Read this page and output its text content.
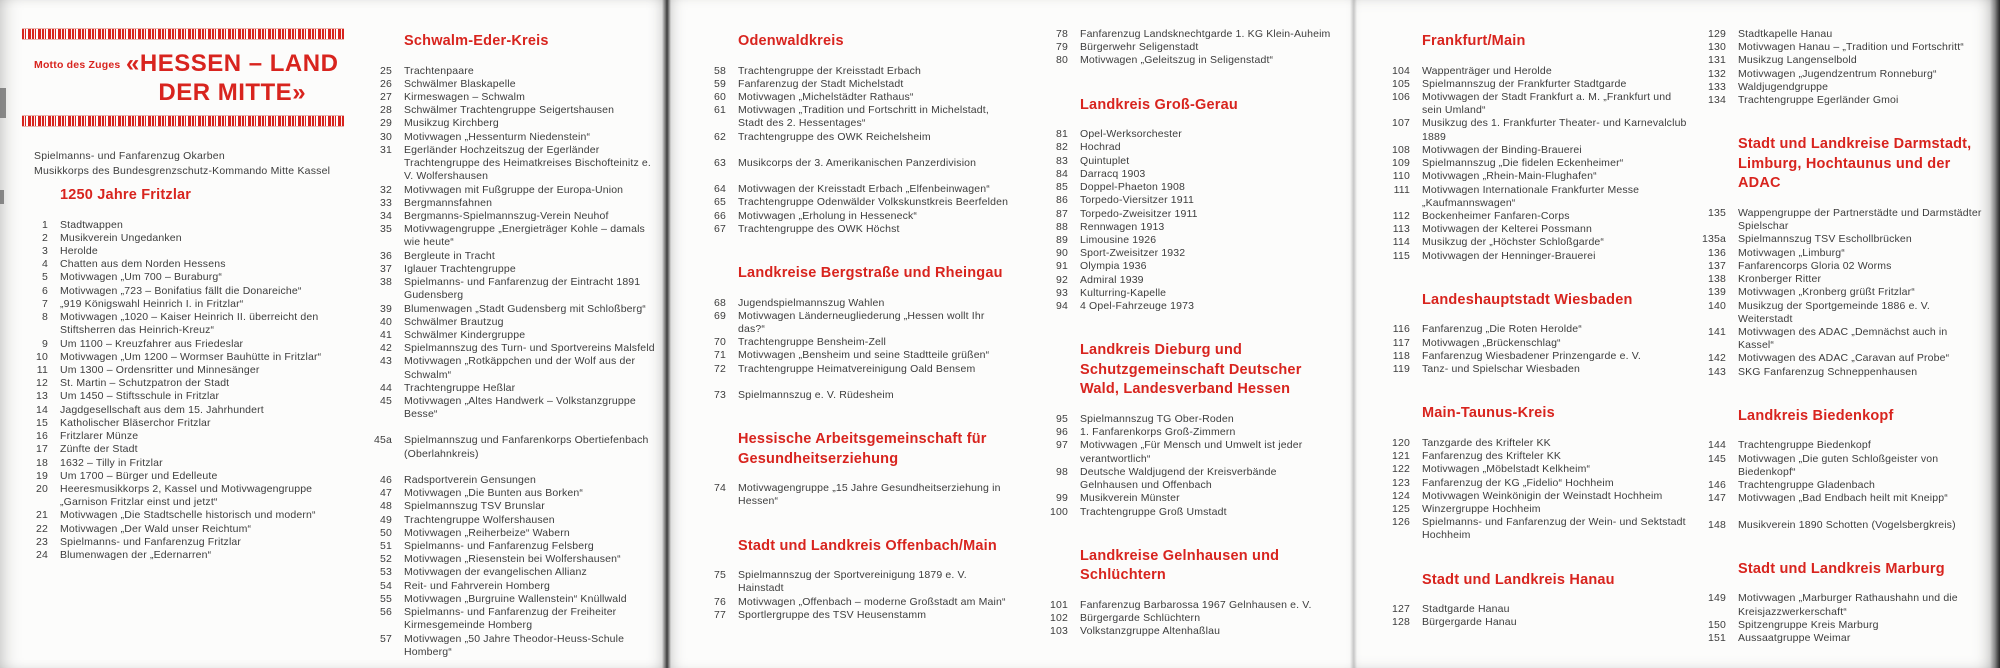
Motto des Zuges «HESSEN – LAND
DER MITTE»
Spielmanns- und Fanfarenzug Okarben
Musikkorps des Bundesgrenzschutz-Kommando Mitte Kassel
1250 Jahre Fritzlar
1 Stadtwappen
2 Musikverein Ungedanken
3 Herolde
4 Chatten aus dem Norden Hessens
5 Motivwagen „Um 700 – Buraburg“
6 Motivwagen „723 – Bonifatius fällt die Donareiche“
7 „919 Königswahl Heinrich I. in Fritzlar“
8 Motivwagen „1020 – Kaiser Heinrich II. überreicht den Stiftsherren das Heinrich-Kreuz“
9 Um 1100 – Kreuzfahrer aus Friedeslar
10 Motivwagen „Um 1200 – Wormser Bauhütte in Fritzlar“
11 Um 1300 – Ordensritter und Minnesänger
12 St. Martin – Schutzpatron der Stadt
13 Um 1450 – Stiftsschule in Fritzlar
14 Jagdgesellschaft aus dem 15. Jahrhundert
15 Katholischer Bläserchor Fritzlar
16 Fritzlarer Münze
17 Zünfte der Stadt
18 1632 – Tilly in Fritzlar
19 Um 1700 – Bürger und Edelleute
20 Heeresmusikkorps 2, Kassel und Motivwagengruppe „Garnison Fritzlar einst und jetzt“
21 Motivwagen „Die Stadtschelle historisch und modern“
22 Motivwagen „Der Wald unser Reichtum“
23 Spielmanns- und Fanfarenzug Fritzlar
24 Blumenwagen der „Edernarren“
Schwalm-Eder-Kreis
25 Trachtenpaare
26 Schwälmer Blaskapelle
27 Kirmeswagen – Schwalm
28 Schwälmer Trachtengruppe Seigertshausen
29 Musikzug Kirchberg
30 Motivwagen „Hessenturm Niedenstein“
31 Egerländer Hochzeitszug der Egerländer Trachtengruppe des Heimatkreises Bischofteinitz e. V. Wolfershausen
32 Motivwagen mit Fußgruppe der Europa-Union
33 Bergmannsfahnen
34 Bergmanns-Spielmannszug-Verein Neuhof
35 Motivwagengruppe „Energieträger Kohle – damals wie heute“
36 Bergleute in Tracht
37 Iglauer Trachtengruppe
38 Spielmanns- und Fanfarenzug der Eintracht 1891 Gudensberg
39 Blumenwagen „Stadt Gudensberg mit Schloßberg“
40 Schwälmer Brautzug
41 Schwälmer Kindergruppe
42 Spielmannszug des Turn- und Sportvereins Malsfeld
43 Motivwagen „Rotkäppchen und der Wolf aus der Schwalm“
44 Trachtengruppe Heßlar
45 Motivwagen „Altes Handwerk – Volkstanzgruppe Besse“
45a Spielmannszug und Fanfarenkorps Obertiefenbach (Oberlahnkreis)
46 Radsportverein Gensungen
47 Motivwagen „Die Bunten aus Borken“
48 Spielmannszug TSV Brunslar
49 Trachtengruppe Wolfershausen
50 Motivwagen „Reiherbeize“ Wabern
51 Spielmanns- und Fanfarenzug Felsberg
52 Motivwagen „Riesenstein bei Wolfershausen“
53 Motivwagen der evangelischen Allianz
54 Reit- und Fahrverein Homberg
55 Motivwagen „Burgruine Wallenstein“ Knüllwald
56 Spielmanns- und Fanfarenzug der Freiheiter Kirmesgemeinde Homberg
57 Motivwagen „50 Jahre Theodor-Heuss-Schule Homberg“
Odenwaldkreis
58 Trachtengruppe der Kreisstadt Erbach
59 Fanfarenzug der Stadt Michelstadt
60 Motivwagen „Michelstädter Rathaus“
61 Motivwagen „Tradition und Fortschritt in Michelstadt, Stadt des 2. Hessentages“
62 Trachtengruppe des OWK Reichelsheim
63 Musikcorps der 3. Amerikanischen Panzerdivision
64 Motivwagen der Kreisstadt Erbach „Elfenbeinwagen“
65 Trachtengruppe Odenwälder Volkskunstkreis Beerfelden
66 Motivwagen „Erholung in Hesseneck“
67 Trachtengruppe des OWK Höchst
Landkreise Bergstraße und Rheingau
68 Jugendspielmannszug Wahlen
69 Motivwagen Länderneugliederung „Hessen wollt Ihr das?“
70 Trachtengruppe Bensheim-Zell
71 Motivwagen „Bensheim und seine Stadtteile grüßen“
72 Trachtengruppe Heimatvereinigung Oald Bensem
73 Spielmannszug e. V. Rüdesheim
Hessische Arbeitsgemeinschaft für Gesundheitserziehung
74 Motivwagengruppe „15 Jahre Gesundheitserziehung in Hessen“
Stadt und Landkreis Offenbach/Main
75 Spielmannszug der Sportvereinigung 1879 e. V. Hainstadt
76 Motivwagen „Offenbach – moderne Großstadt am Main“
77 Sportlergruppe des TSV Heusenstamm
78 Fanfarenzug Landsknechtgarde 1. KG Klein-Auheim
79 Bürgerwehr Seligenstadt
80 Motivwagen „Geleitszug in Seligenstadt“
Landkreis Groß-Gerau
81 Opel-Werksorchester
82 Hochrad
83 Quintuplet
84 Darracq 1903
85 Doppel-Phaeton 1908
86 Torpedo-Viersitzer 1911
87 Torpedo-Zweisitzer 1911
88 Rennwagen 1913
89 Limousine 1926
90 Sport-Zweisitzer 1932
91 Olympia 1936
92 Admiral 1939
93 Kulturring-Kapelle
94 4 Opel-Fahrzeuge 1973
Landkreis Dieburg und Schutzgemeinschaft Deutscher Wald, Landesverband Hessen
95 Spielmannszug TG Ober-Roden
96 1. Fanfarenkorps Groß-Zimmern
97 Motivwagen „Für Mensch und Umwelt ist jeder verantwortlich“
98 Deutsche Waldjugend der Kreisverbände Gelnhausen und Offenbach
99 Musikverein Münster
100 Trachtengruppe Groß Umstadt
Landkreise Gelnhausen und Schlüchtern
101 Fanfarenzug Barbarossa 1967 Gelnhausen e. V.
102 Bürgergarde Schlüchtern
103 Volkstanzgruppe Altenhaßlau
Frankfurt/Main
104 Wappenträger und Herolde
105 Spielmannszug der Frankfurter Stadtgarde
106 Motivwagen der Stadt Frankfurt a. M. „Frankfurt und sein Umland“
107 Musikzug des 1. Frankfurter Theater- und Karnevalclub 1889
108 Motivwagen der Binding-Brauerei
109 Spielmannszug „Die fidelen Eckenheimer“
110 Motivwagen „Rhein-Main-Flughafen“
111 Motivwagen Internationale Frankfurter Messe „Kaufmannswagen“
112 Bockenheimer Fanfaren-Corps
113 Motivwagen der Kelterei Possmann
114 Musikzug der „Höchster Schloßgarde“
115 Motivwagen der Henninger-Brauerei
Landeshauptstadt Wiesbaden
116 Fanfarenzug „Die Roten Herolde“
117 Motivwagen „Brückenschlag“
118 Fanfarenzug Wiesbadener Prinzengarde e. V.
119 Tanz- und Spielschar Wiesbaden
Main-Taunus-Kreis
120 Tanzgarde des Krifteler KK
121 Fanfarenzug des Krifteler KK
122 Motivwagen „Möbelstadt Kelkheim“
123 Fanfarenzug der KG „Fidelio“ Hochheim
124 Motivwagen Weinkönigin der Weinstadt Hochheim
125 Winzergruppe Hochheim
126 Spielmanns- und Fanfarenzug der Wein- und Sektstadt Hochheim
Stadt und Landkreis Hanau
127 Stadtgarde Hanau
128 Bürgergarde Hanau
129 Stadtkapelle Hanau
130 Motivwagen Hanau – „Tradition und Fortschritt“
131 Musikzug Langenselbold
132 Motivwagen „Jugendzentrum Ronneburg“
133 Waldjugendgruppe
134 Trachtengruppe Egerländer Gmoi
Stadt und Landkreise Darmstadt, Limburg, Hochtaunus und der ADAC
135 Wappengruppe der Partnerstädte und Darmstädter Spielschar
135a Spielmannszug TSV Eschollbrücken
136 Motivwagen „Limburg“
137 Fanfarencorps Gloria 02 Worms
138 Kronberger Ritter
139 Motivwagen „Kronberg grüßt Fritzlar“
140 Musikzug der Sportgemeinde 1886 e. V. Weiterstadt
141 Motivwagen des ADAC „Demnächst auch in Kassel“
142 Motivwagen des ADAC „Caravan auf Probe“
143 SKG Fanfarenzug Schneppenhausen
Landkreis Biedenkopf
144 Trachtengruppe Biedenkopf
145 Motivwagen „Die guten Schloßgeister von Biedenkopf“
146 Trachtengruppe Gladenbach
147 Motivwagen „Bad Endbach heilt mit Kneipp“
148 Musikverein 1890 Schotten (Vogelsbergkreis)
Stadt und Landkreis Marburg
149 Motivwagen „Marburger Rathaushahn und die Kreisjazzwerkerschaft“
150 Spitzengruppe Kreis Marburg
151 Aussaatgruppe Weimar
